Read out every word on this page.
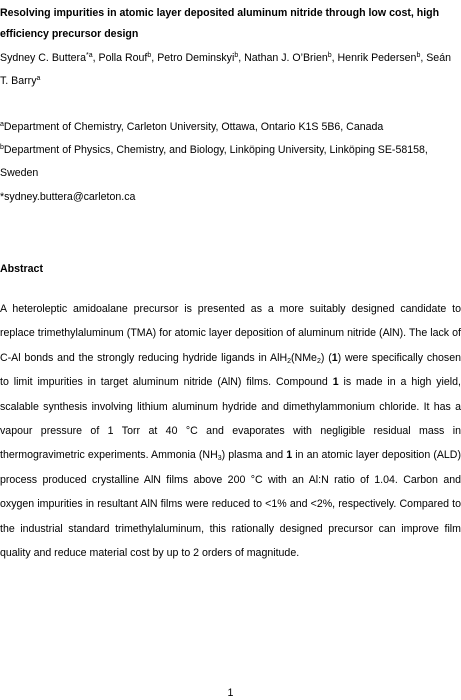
Resolving impurities in atomic layer deposited aluminum nitride through low cost, high efficiency precursor design

Sydney C. Buttera$^{*a}$, Polla Rouf$^b$, Petro Deminskyi$^b$, Nathan J. O’Brien$^b$, Henrik Pedersen$^b$, Seán T. Barry$^a$

$^a$Department of Chemistry, Carleton University, Ottawa, Ontario K1S 5B6, Canada

$^b$Department of Physics, Chemistry, and Biology, Linköping University, Linköping SE-58158, Sweden

*sydney.buttera@carleton.ca

Abstract

A heteroleptic amidoalane precursor is presented as a more suitably designed candidate to replace trimethylaluminum (TMA) for atomic layer deposition of aluminum nitride (AlN). The lack of C-Al bonds and the strongly reducing hydride ligands in AlH$_2$(NMe$_2$) (1) were specifically chosen to limit impurities in target aluminum nitride (AlN) films. Compound 1 is made in a high yield, scalable synthesis involving lithium aluminum hydride and dimethylammonium chloride. It has a vapour pressure of 1 Torr at 40 °C and evaporates with negligible residual mass in thermogravimetric experiments. Ammonia $(NH_3)$ plasma and 1 in an atomic layer deposition (ALD) process produced crystalline AlN films above 200 °C with an Al:N ratio of 1.04. Carbon and oxygen impurities in resultant AlN films were reduced to <1% and <2%, respectively. Compared to the industrial standard trimethylaluminum, this rationally designed precursor can improve film quality and reduce material cost by up to 2 orders of magnitude.

1
